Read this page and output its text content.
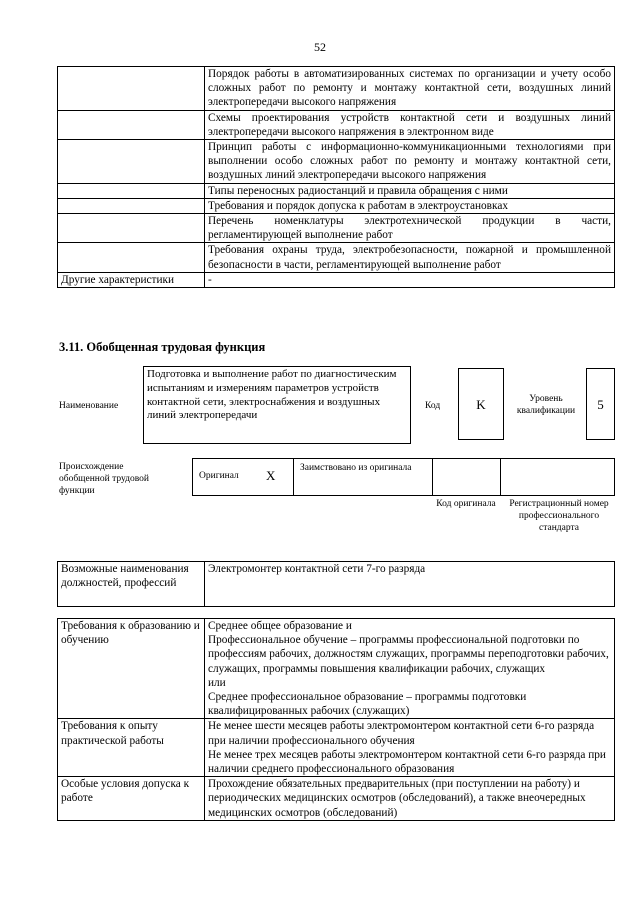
52
	Порядок работы в автоматизированных системах по организации и учету особо сложных работ по ремонту и монтажу контактной сети, воздушных линий электропередачи высокого напряжения
	Схемы проектирования устройств контактной сети и воздушных линий электропередачи высокого напряжения в электронном виде
	Принцип работы с информационно-коммуникационными технологиями при выполнении особо сложных работ по ремонту и монтажу контактной сети, воздушных линий электропередачи высокого напряжения
	Типы переносных радиостанций и правила обращения с ними
	Требования и порядок допуска к работам в электроустановках
	Перечень номенклатуры электротехнической продукции в части, регламентирующей выполнение работ
	Требования охраны труда, электробезопасности, пожарной и промышленной безопасности в части, регламентирующей выполнение работ
Другие характеристики	-
3.11. Обобщенная трудовая функция
Наименование
Подготовка и выполнение работ по диагностическим испытаниям и измерениям параметров устройств контактной сети, электроснабжения и воздушных линий электропередачи
Код	K	Уровень квалификации	5
Происхождение обобщенной трудовой функции
Оригинал X	Заимствовано из оригинала
Код оригинала	Регистрационный номер профессионального стандарта
Возможные наименования должностей, профессий	Электромонтер контактной сети 7-го разряда
Требования к образованию и обучению	Среднее общее образование и
Профессиональное обучение – программы профессиональной подготовки по профессиям рабочих, должностям служащих, программы переподготовки рабочих, служащих, программы повышения квалификации рабочих, служащих
или
Среднее профессиональное образование – программы подготовки квалифицированных рабочих (служащих)

Требования к опыту практической работы	Не менее шести месяцев работы электромонтером контактной сети 6-го разряда при наличии профессионального обучения
Не менее трех месяцев работы электромонтером контактной сети 6-го разряда при наличии среднего профессионального образования

Особые условия допуска к работе	Прохождение обязательных предварительных (при поступлении на работу) и периодических медицинских осмотров (обследований), а также внеочередных медицинских осмотров (обследований)
